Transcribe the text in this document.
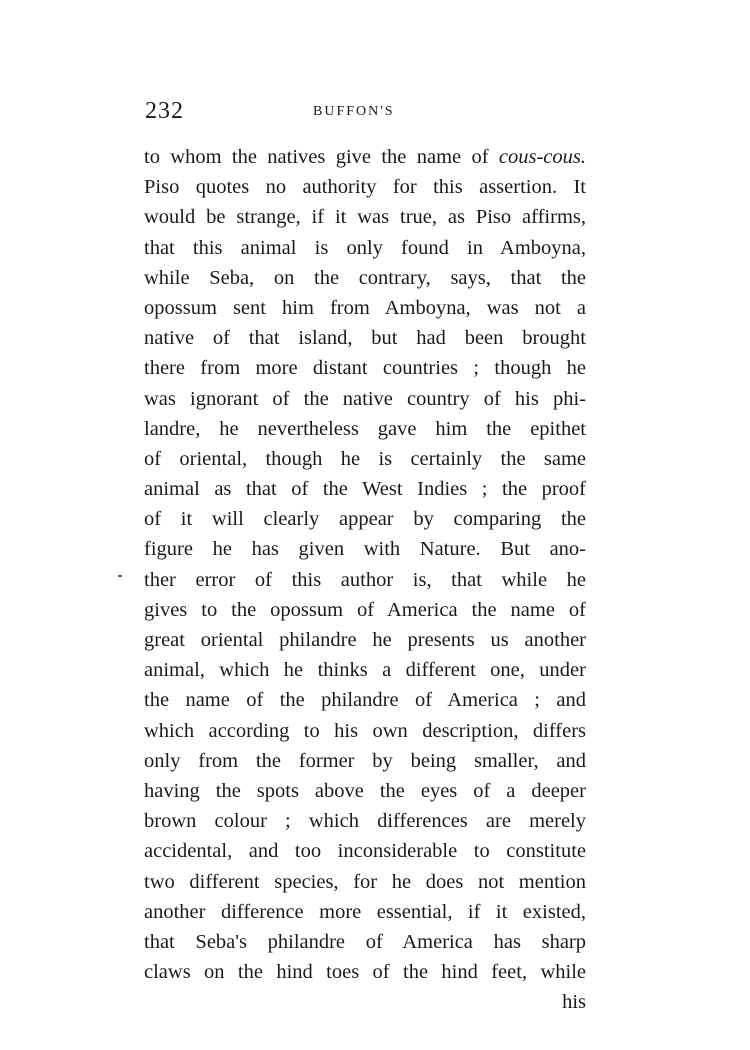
232	BUFFON'S
to whom the natives give the name of cous-cous.
Piso quotes no authority for this assertion. It
would be strange, if it was true, as Piso affirms,
that this animal is only found in Amboyna,
while Seba, on the contrary, says, that the
opossum sent him from Amboyna, was not a
native of that island, but had been brought
there from more distant countries ; though he
was ignorant of the native country of his phi-
landre, he nevertheless gave him the epithet
of oriental, though he is certainly the same
animal as that of the West Indies ; the proof
of it will clearly appear by comparing the
figure he has given with Nature. But ano-
ther error of this author is, that while he
gives to the opossum of America the name of
great oriental philandre he presents us another
animal, which he thinks a different one, under
the name of the philandre of America ; and
which according to his own description, differs
only from the former by being smaller, and
having the spots above the eyes of a deeper
brown colour ; which differences are merely
accidental, and too inconsiderable to constitute
two different species, for he does not mention
another difference more essential, if it existed,
that Seba's philandre of America has sharp
claws on the hind toes of the hind feet, while
his
